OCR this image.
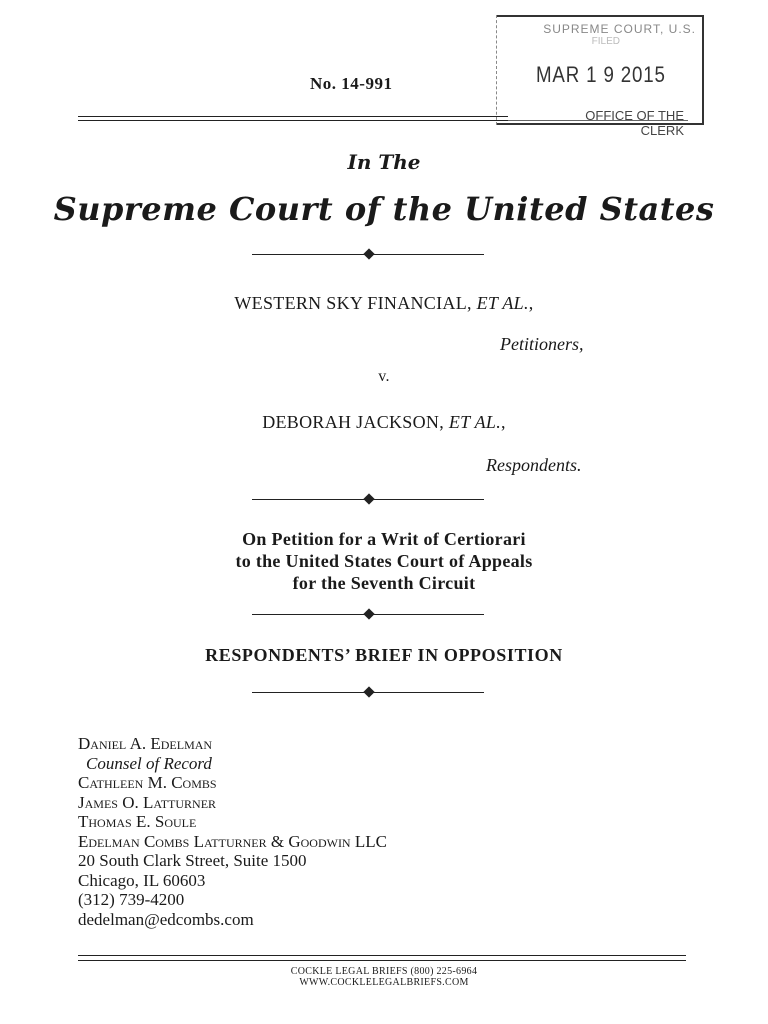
SUPREME COURT, U.S.
FILED
MAR 1 9 2015
OFFICE OF THE CLERK
No. 14-991
In The
Supreme Court of the United States
WESTERN SKY FINANCIAL, ET AL.,
Petitioners,
v.
DEBORAH JACKSON, ET AL.,
Respondents.
On Petition for a Writ of Certiorari
to the United States Court of Appeals
for the Seventh Circuit
RESPONDENTS’ BRIEF IN OPPOSITION
Daniel A. Edelman
Counsel of Record
Cathleen M. Combs
James O. Latturner
Thomas E. Soule
Edelman Combs Latturner & Goodwin LLC
20 South Clark Street, Suite 1500
Chicago, IL 60603
(312) 739-4200
dedelman@edcombs.com
COCKLE LEGAL BRIEFS (800) 225-6964
WWW.COCKLELEGALBRIEFS.COM
